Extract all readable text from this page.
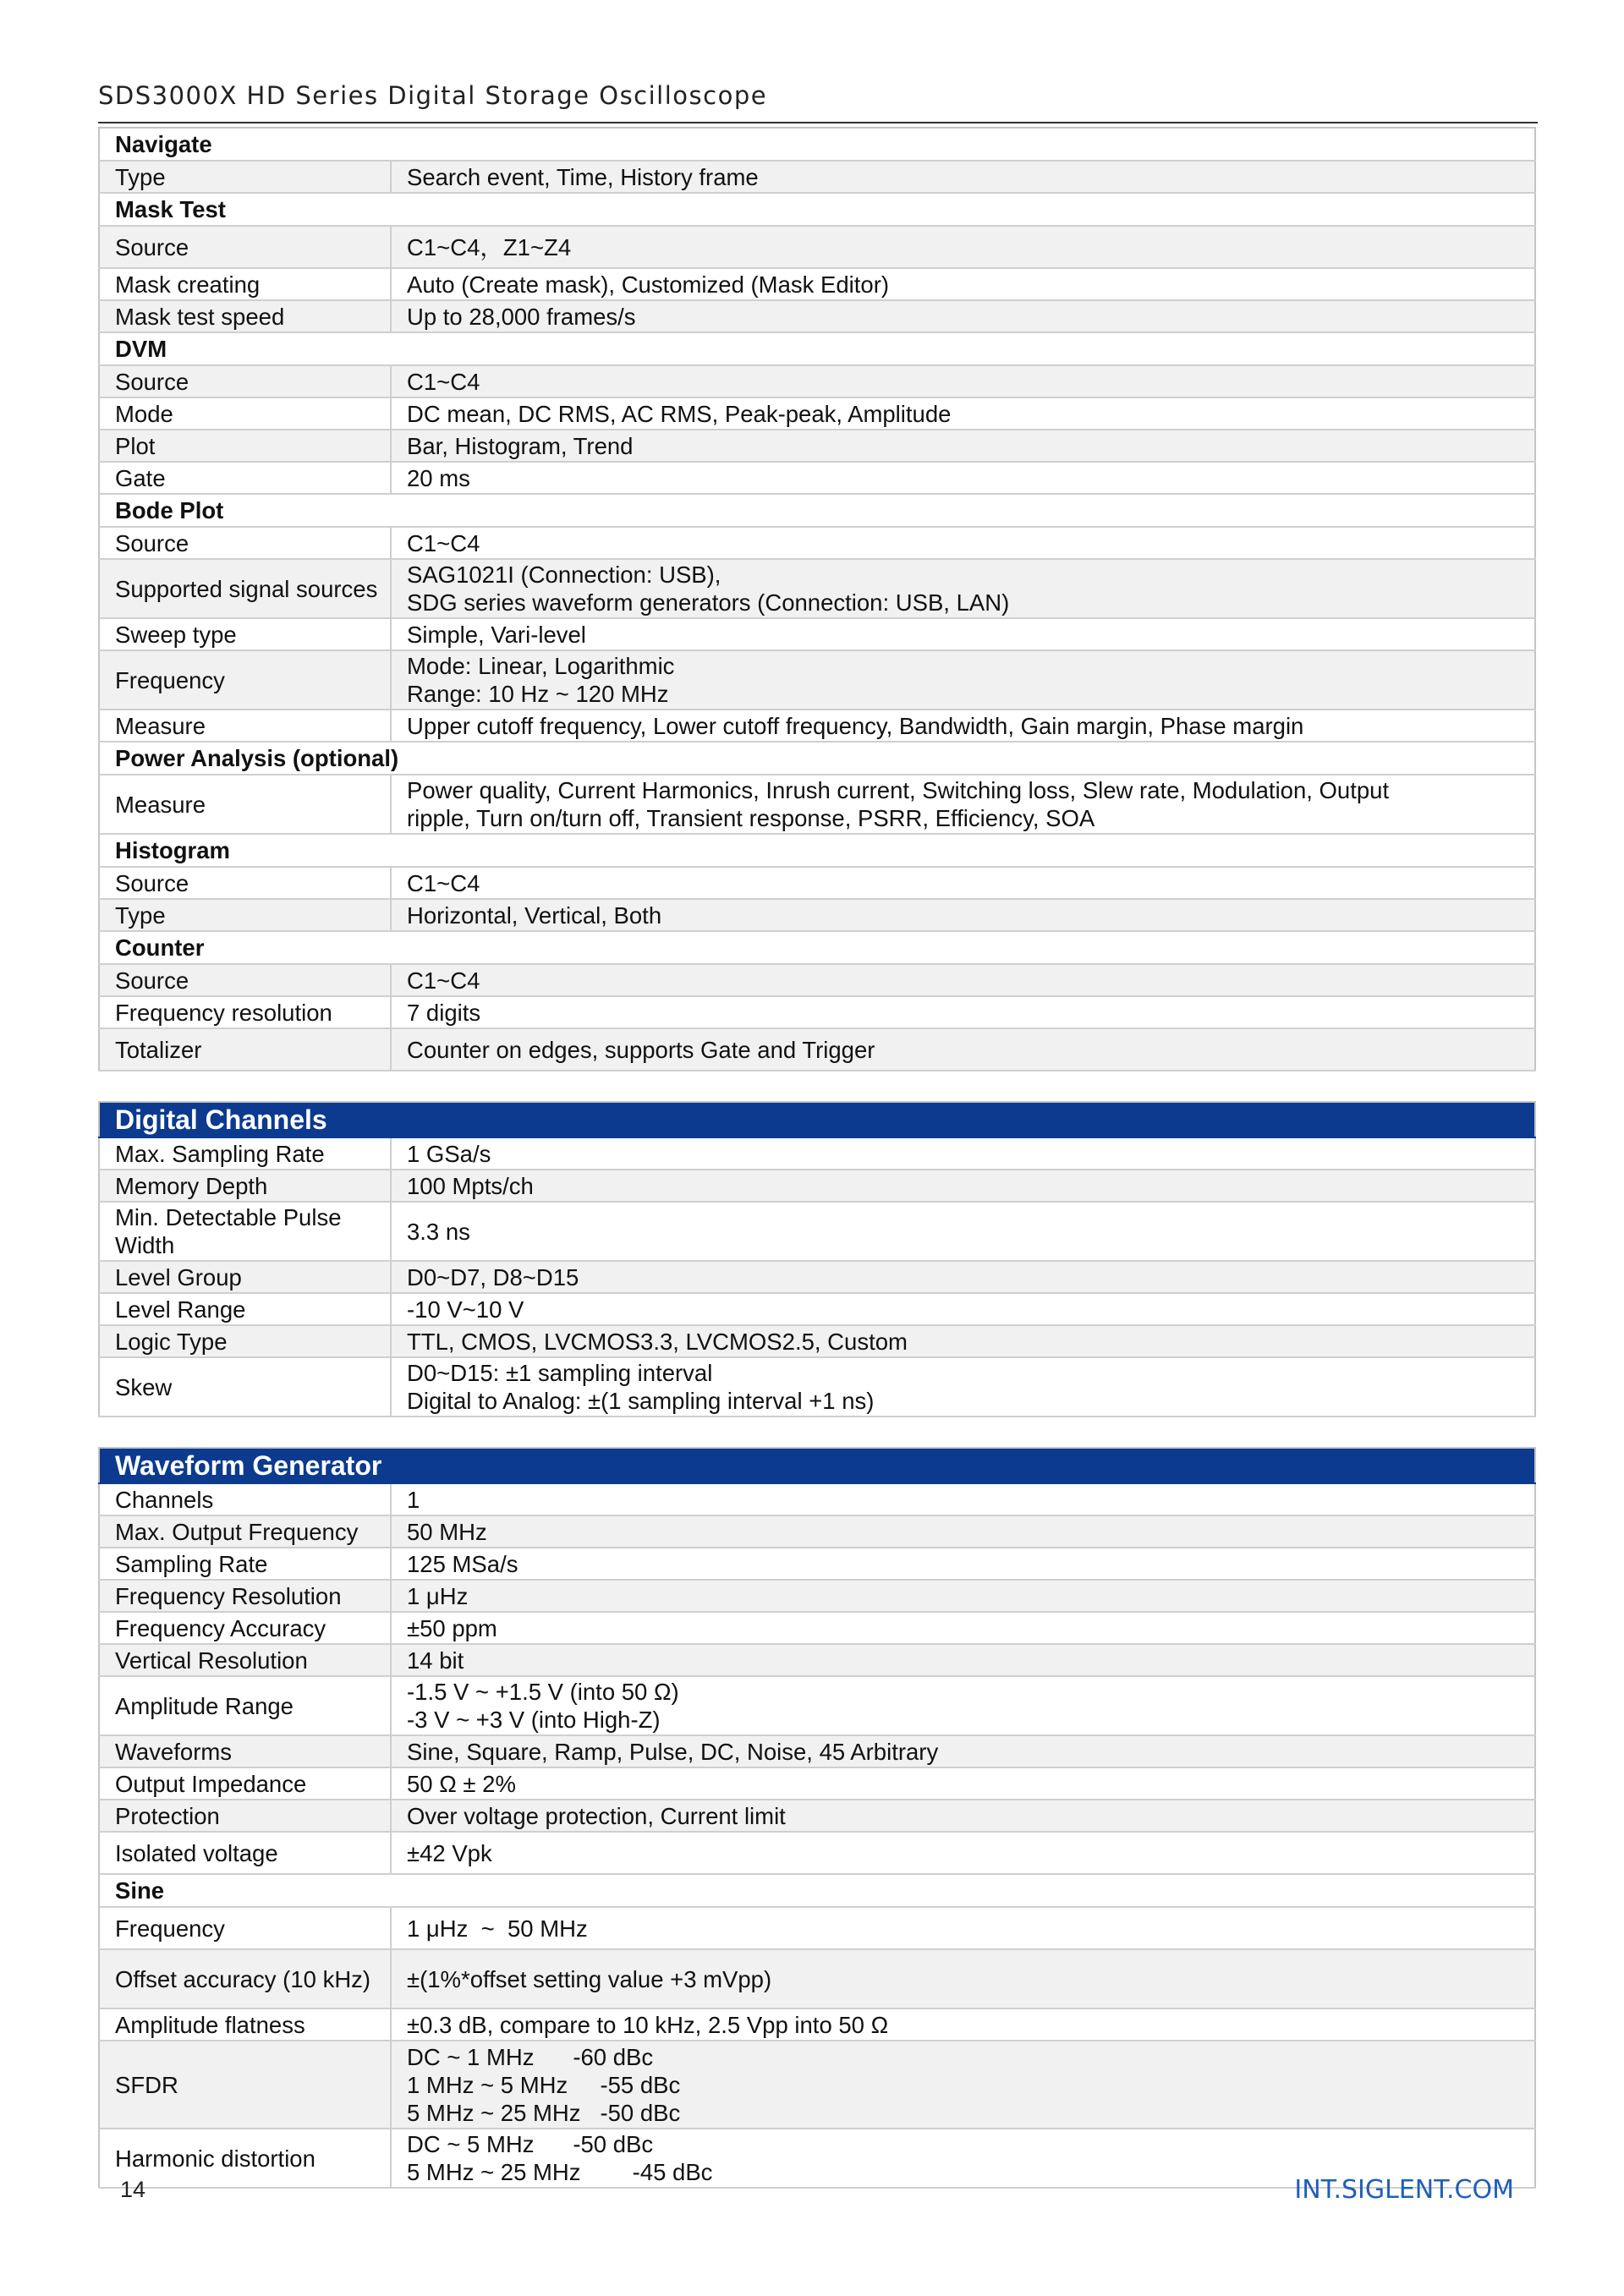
SDS3000X HD Series Digital Storage Oscilloscope
Navigate	
Type	Search event, Time, History frame
Mask Test	
Source	C1~C4，Z1~Z4
Mask creating	Auto (Create mask), Customized (Mask Editor)
Mask test speed	Up to 28,000 frames/s
DVM	
Source	C1~C4
Mode	DC mean, DC RMS, AC RMS, Peak-peak, Amplitude
Plot	Bar, Histogram, Trend
Gate	20 ms
Bode Plot	
Source	C1~C4
Supported signal sources	SAG1021I (Connection: USB),
SDG series waveform generators (Connection: USB, LAN)

Sweep type	Simple, Vari-level
Frequency	Mode: Linear, Logarithmic
Range: 10 Hz ~ 120 MHz

Measure	Upper cutoff frequency, Lower cutoff frequency, Bandwidth, Gain margin, Phase margin
Power Analysis (optional)	
Measure	Power quality, Current Harmonics, Inrush current, Switching loss, Slew rate, Modulation, Output
ripple, Turn on/turn off, Transient response, PSRR, Efficiency, SOA

Histogram	
Source	C1~C4
Type	Horizontal, Vertical, Both
Counter	
Source	C1~C4
Frequency resolution	7 digits
Totalizer	Counter on edges, supports Gate and Trigger
Digital Channels	
Max. Sampling Rate	1 GSa/s
Memory Depth	100 Mpts/ch
Min. Detectable Pulse Width	3.3 ns
Level Group	D0~D7, D8~D15
Level Range	-10 V~10 V
Logic Type	TTL, CMOS, LVCMOS3.3, LVCMOS2.5, Custom
Skew	D0~D15: ±1 sampling interval
Digital to Analog: ±(1 sampling interval +1 ns)
Waveform Generator	
Channels	1
Max. Output Frequency	50 MHz
Sampling Rate	125 MSa/s
Frequency Resolution	1 μHz
Frequency Accuracy	±50 ppm
Vertical Resolution	14 bit
Amplitude Range	-1.5 V ~ +1.5 V (into 50 Ω)
-3 V ~ +3 V (into High-Z)

Waveforms	Sine, Square, Ramp, Pulse, DC, Noise, 45 Arbitrary
Output Impedance	50 Ω ± 2%
Protection	Over voltage protection, Current limit
Isolated voltage	±42 Vpk
Sine	
Frequency	1 μHz  ~  50 MHz
Offset accuracy (10 kHz)	±(1%*offset setting value +3 mVpp)
Amplitude flatness	±0.3 dB, compare to 10 kHz, 2.5 Vpp into 50 Ω
SFDR	DC ~ 1 MHz      -60 dBc
1 MHz ~ 5 MHz     -55 dBc
5 MHz ~ 25 MHz   -50 dBc

Harmonic distortion	DC ~ 5 MHz      -50 dBc
5 MHz ~ 25 MHz        -45 dBc
14	INT.SIGLENT.COM
